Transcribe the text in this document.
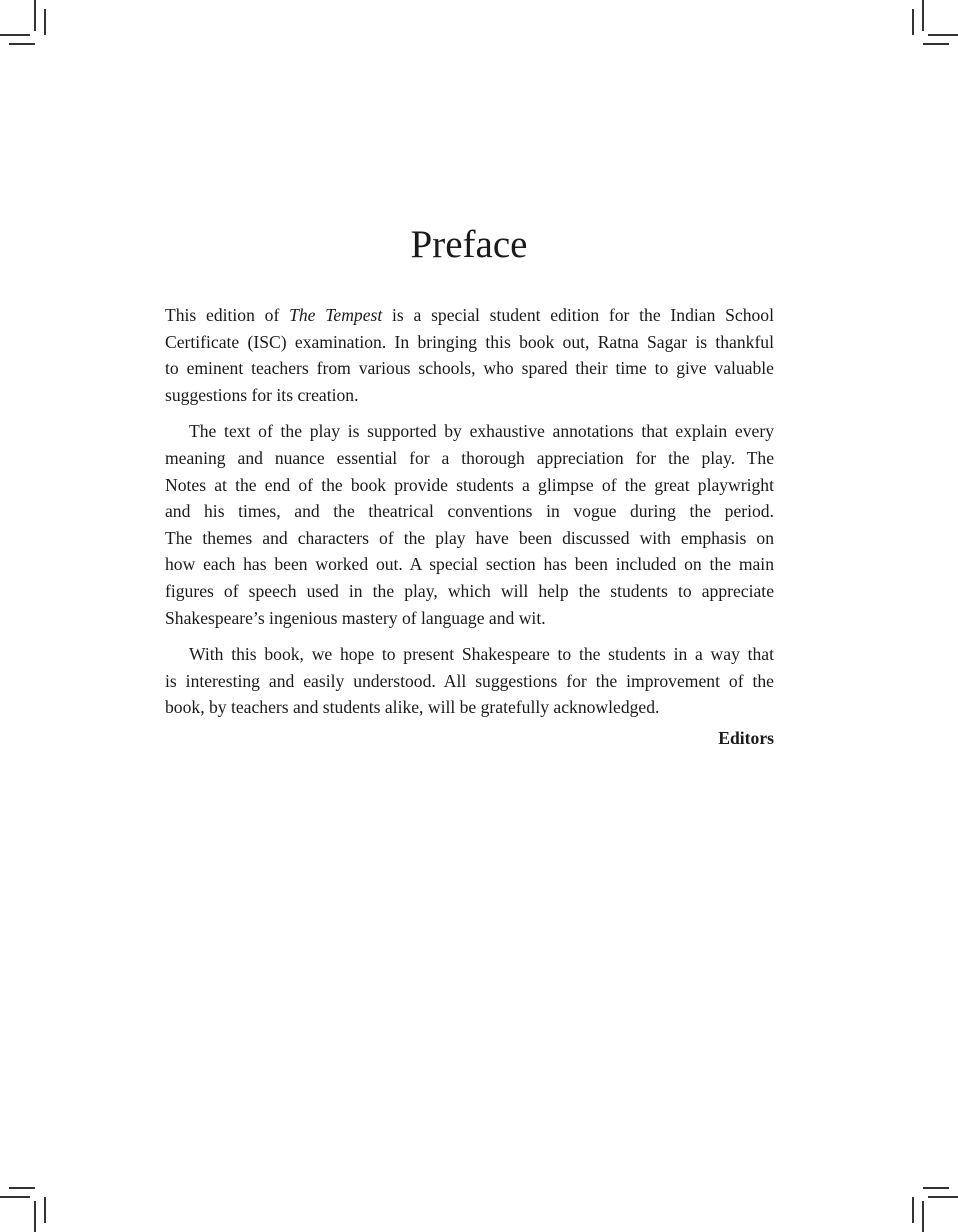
Preface
This edition of The Tempest is a special student edition for the Indian School
Certificate (ISC) examination. In bringing this book out, Ratna Sagar is thankful
to eminent teachers from various schools, who spared their time to give valuable
suggestions for its creation.
The text of the play is supported by exhaustive annotations that explain every
meaning and nuance essential for a thorough appreciation for the play. The
Notes at the end of the book provide students a glimpse of the great playwright
and his times, and the theatrical conventions in vogue during the period.
The themes and characters of the play have been discussed with emphasis on
how each has been worked out. A special section has been included on the main
figures of speech used in the play, which will help the students to appreciate
Shakespeare’s ingenious mastery of language and wit.
With this book, we hope to present Shakespeare to the students in a way that
is interesting and easily understood. All suggestions for the improvement of the
book, by teachers and students alike, will be gratefully acknowledged.
Editors
